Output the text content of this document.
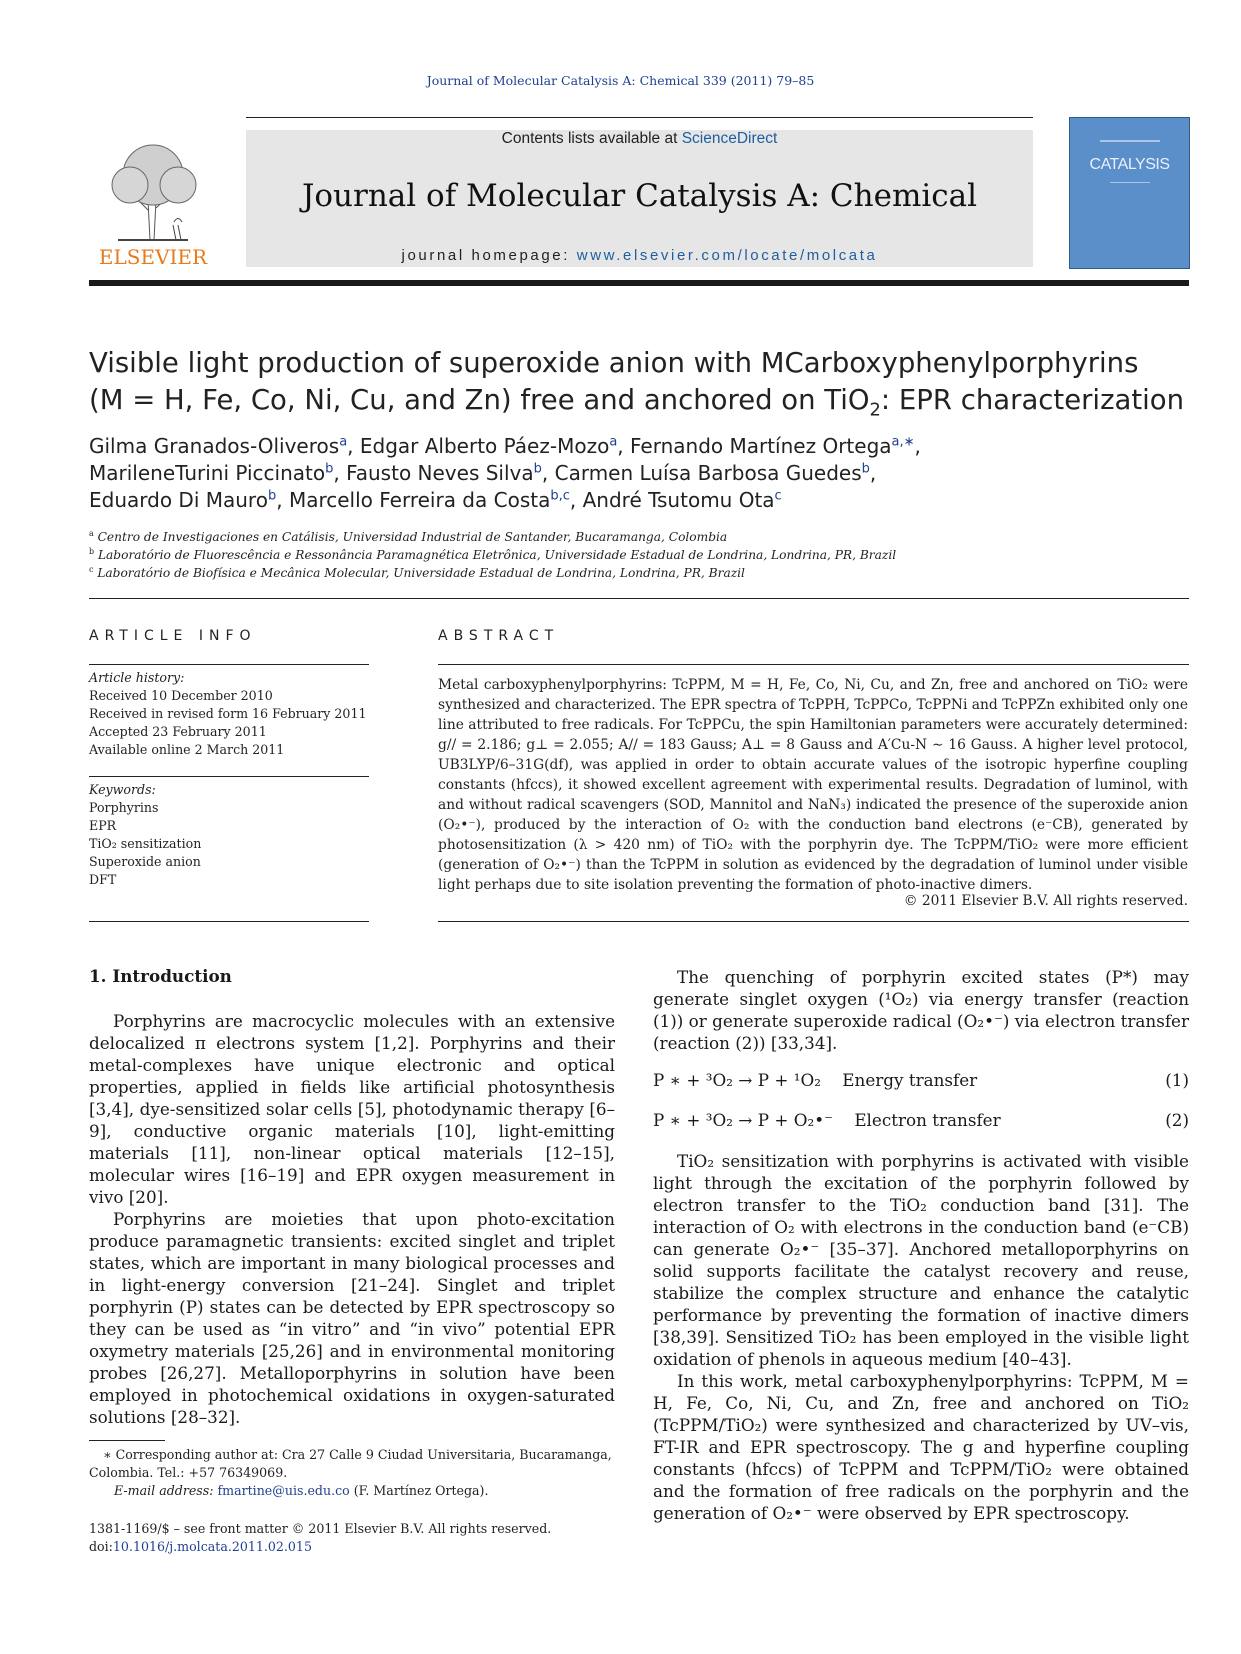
Journal of Molecular Catalysis A: Chemical 339 (2011) 79–85
ELSEVIER
Contents lists available at ScienceDirect
Journal of Molecular Catalysis A: Chemical
journal homepage: www.elsevier.com/locate/molcata
CATALYSIS
Visible light production of superoxide anion with MCarboxyphenylporphyrins
(M = H, Fe, Co, Ni, Cu, and Zn) free and anchored on TiO$_2$: EPR characterization
Gilma Granados-Oliveros$^a$, Edgar Alberto Páez-Mozo$^a$, Fernando Martínez Ortega$^{a,∗}$,
MarileneTurini Piccinato$^b$, Fausto Neves Silva$^b$, Carmen Luísa Barbosa Guedes$^b$,
Eduardo Di Mauro$^b$, Marcello Ferreira da Costa$^{b,c}$, André Tsutomu Ota$^c$
$^a$ Centro de Investigaciones en Catálisis, Universidad Industrial de Santander, Bucaramanga, Colombia
$^b$ Laboratório de Fluorescência e Ressonância Paramagnética Eletrônica, Universidade Estadual de Londrina, Londrina, PR, Brazil
$^c$ Laboratório de Biofísica e Mecânica Molecular, Universidade Estadual de Londrina, Londrina, PR, Brazil
ARTICLE INFO
Article history:
Received 10 December 2010
Received in revised form 16 February 2011
Accepted 23 February 2011
Available online 2 March 2011
Keywords:
Porphyrins
EPR
TiO₂ sensitization
Superoxide anion
DFT
ABSTRACT
Metal carboxyphenylporphyrins: TcPPM, M = H, Fe, Co, Ni, Cu, and Zn, free and anchored on TiO₂ were synthesized and characterized. The EPR spectra of TcPPH, TcPPCo, TcPPNi and TcPPZn exhibited only one line attributed to free radicals. For TcPPCu, the spin Hamiltonian parameters were accurately determined: g// = 2.186; g⊥ = 2.055; A// = 183 Gauss; A⊥ = 8 Gauss and A′Cu-N ∼ 16 Gauss. A higher level protocol, UB3LYP/6–31G(df), was applied in order to obtain accurate values of the isotropic hyperfine coupling constants (hfccs), it showed excellent agreement with experimental results. Degradation of luminol, with and without radical scavengers (SOD, Mannitol and NaN₃) indicated the presence of the superoxide anion (O₂•⁻), produced by the interaction of O₂ with the conduction band electrons (e⁻CB), generated by photosensitization (λ > 420 nm) of TiO₂ with the porphyrin dye. The TcPPM/TiO₂ were more efficient (generation of O₂•⁻) than the TcPPM in solution as evidenced by the degradation of luminol under visible light perhaps due to site isolation preventing the formation of photo-inactive dimers.
© 2011 Elsevier B.V. All rights reserved.
1. Introduction

Porphyrins are macrocyclic molecules with an extensive delocalized π electrons system [1,2]. Porphyrins and their metal-complexes have unique electronic and optical properties, applied in fields like artificial photosynthesis [3,4], dye-sensitized solar cells [5], photodynamic therapy [6–9], conductive organic materials [10], light-emitting materials [11], non-linear optical materials [12–15], molecular wires [16–19] and EPR oxygen measurement in vivo [20].

Porphyrins are moieties that upon photo-excitation produce paramagnetic transients: excited singlet and triplet states, which are important in many biological processes and in light-energy conversion [21–24]. Singlet and triplet porphyrin (P) states can be detected by EPR spectroscopy so they can be used as “in vitro” and “in vivo” potential EPR oxymetry materials [25,26] and in environmental monitoring probes [26,27]. Metalloporphyrins in solution have been employed in photochemical oxidations in oxygen-saturated solutions [28–32].

∗ Corresponding author at: Cra 27 Calle 9 Ciudad Universitaria, Bucaramanga, Colombia. Tel.: +57 76349069.
E-mail address: fmartine@uis.edu.co (F. Martínez Ortega).
1381-1169/$ – see front matter © 2011 Elsevier B.V. All rights reserved.
doi:10.1016/j.molcata.2011.02.015

The quenching of porphyrin excited states (P*) may generate singlet oxygen (¹O₂) via energy transfer (reaction (1)) or generate superoxide radical (O₂•⁻) via electron transfer (reaction (2)) [33,34].

P ∗ + ³O₂ → P + ¹O₂ Energy transfer	(1)
P ∗ + ³O₂ → P + O₂•⁻ Electron transfer	(2)

TiO₂ sensitization with porphyrins is activated with visible light through the excitation of the porphyrin followed by electron transfer to the TiO₂ conduction band [31]. The interaction of O₂ with electrons in the conduction band (e⁻CB) can generate O₂•⁻ [35–37]. Anchored metalloporphyrins on solid supports facilitate the catalyst recovery and reuse, stabilize the complex structure and enhance the catalytic performance by preventing the formation of inactive dimers [38,39]. Sensitized TiO₂ has been employed in the visible light oxidation of phenols in aqueous medium [40–43].

In this work, metal carboxyphenylporphyrins: TcPPM, M = H, Fe, Co, Ni, Cu, and Zn, free and anchored on TiO₂ (TcPPM/TiO₂) were synthesized and characterized by UV–vis, FT-IR and EPR spectroscopy. The g and hyperfine coupling constants (hfccs) of TcPPM and TcPPM/TiO₂ were obtained and the formation of free radicals on the porphyrin and the generation of O₂•⁻ were observed by EPR spectroscopy.
